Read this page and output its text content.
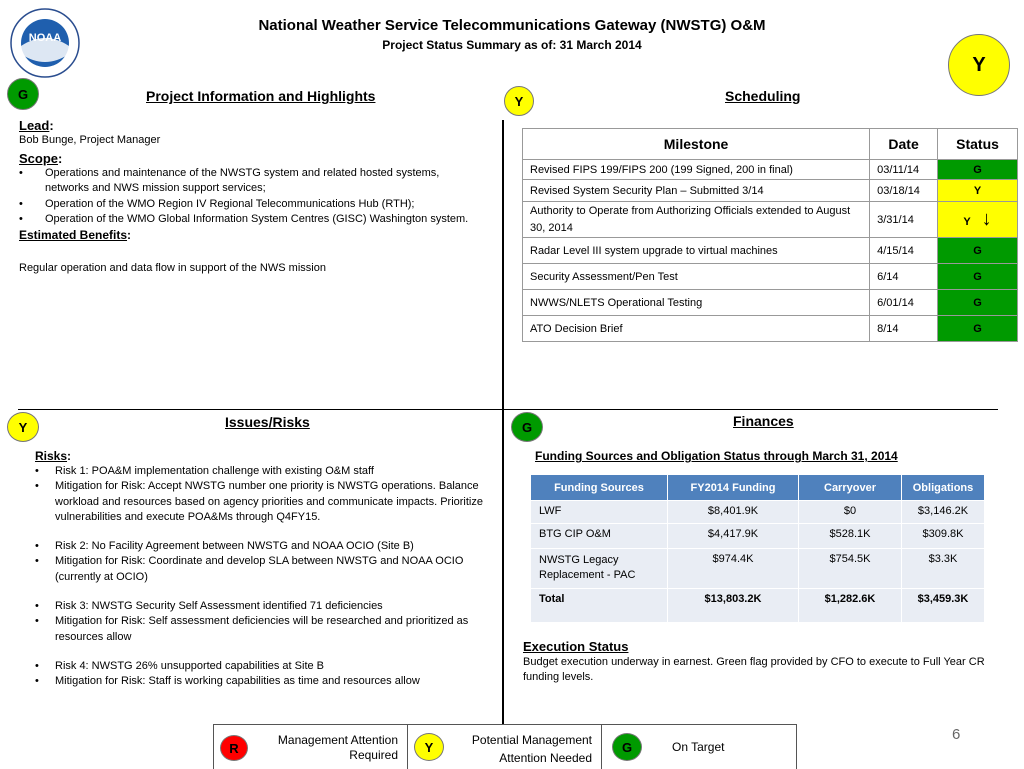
NOAA
National Weather Service Telecommunications Gateway (NWSTG) O&M
Project Status Summary as of: 31 March 2014
Y
G	Project Information and Highlights
Lead:
Bob Bunge, Project Manager
Scope:
• Operations and maintenance of the NWSTG system and related hosted systems, networks and NWS mission support services;
• Operation of the WMO Region IV Regional Telecommunications Hub (RTH);
• Operation of the WMO Global Information System Centres (GISC) Washington system.
Estimated Benefits:
Regular operation and data flow in support of the NWS mission
Y	Scheduling
Milestone	Date	Status
Revised FIPS 199/FIPS 200 (199 Signed, 200 in final)	03/11/14	G
Revised System Security Plan – Submitted 3/14	03/18/14	Y
Authority to Operate from Authorizing Officials extended to August 30, 2014	3/31/14	Y ↓
Radar Level III system upgrade to virtual machines	4/15/14	G
Security Assessment/Pen Test	6/14	G
NWWS/NLETS Operational Testing	6/01/14	G
ATO Decision Brief	8/14	G
Y	Issues/Risks
Risks:
• Risk 1: POA&M implementation challenge with existing O&M staff
• Mitigation for Risk: Accept NWSTG number one priority is NWSTG operations. Balance workload and resources based on agency priorities and communicate impacts. Prioritize vulnerabilities and execute POA&Ms through Q4FY15.
• Risk 2: No Facility Agreement between NWSTG and NOAA OCIO (Site B)
• Mitigation for Risk: Coordinate and develop SLA between NWSTG and NOAA OCIO (currently at OCIO)
• Risk 3: NWSTG Security Self Assessment identified 71 deficiencies
• Mitigation for Risk: Self assessment deficiencies will be researched and prioritized as resources allow
• Risk 4: NWSTG 26% unsupported capabilities at Site B
• Mitigation for Risk: Staff is working capabilities as time and resources allow
G	Finances
Funding Sources and Obligation Status through March 31, 2014
Funding Sources	FY2014 Funding	Carryover	Obligations
LWF	$8,401.9K	$0	$3,146.2K
BTG CIP O&M	$4,417.9K	$528.1K	$309.8K
NWSTG Legacy Replacement - PAC	$974.4K	$754.5K	$3.3K
Total	$13,803.2K	$1,282.6K	$3,459.3K
Execution Status
Budget execution underway in earnest. Green flag provided by CFO to execute to Full Year CR funding levels.
R
Management Attention Required
Y	Potential Management Attention Needed
G	On Target
6
